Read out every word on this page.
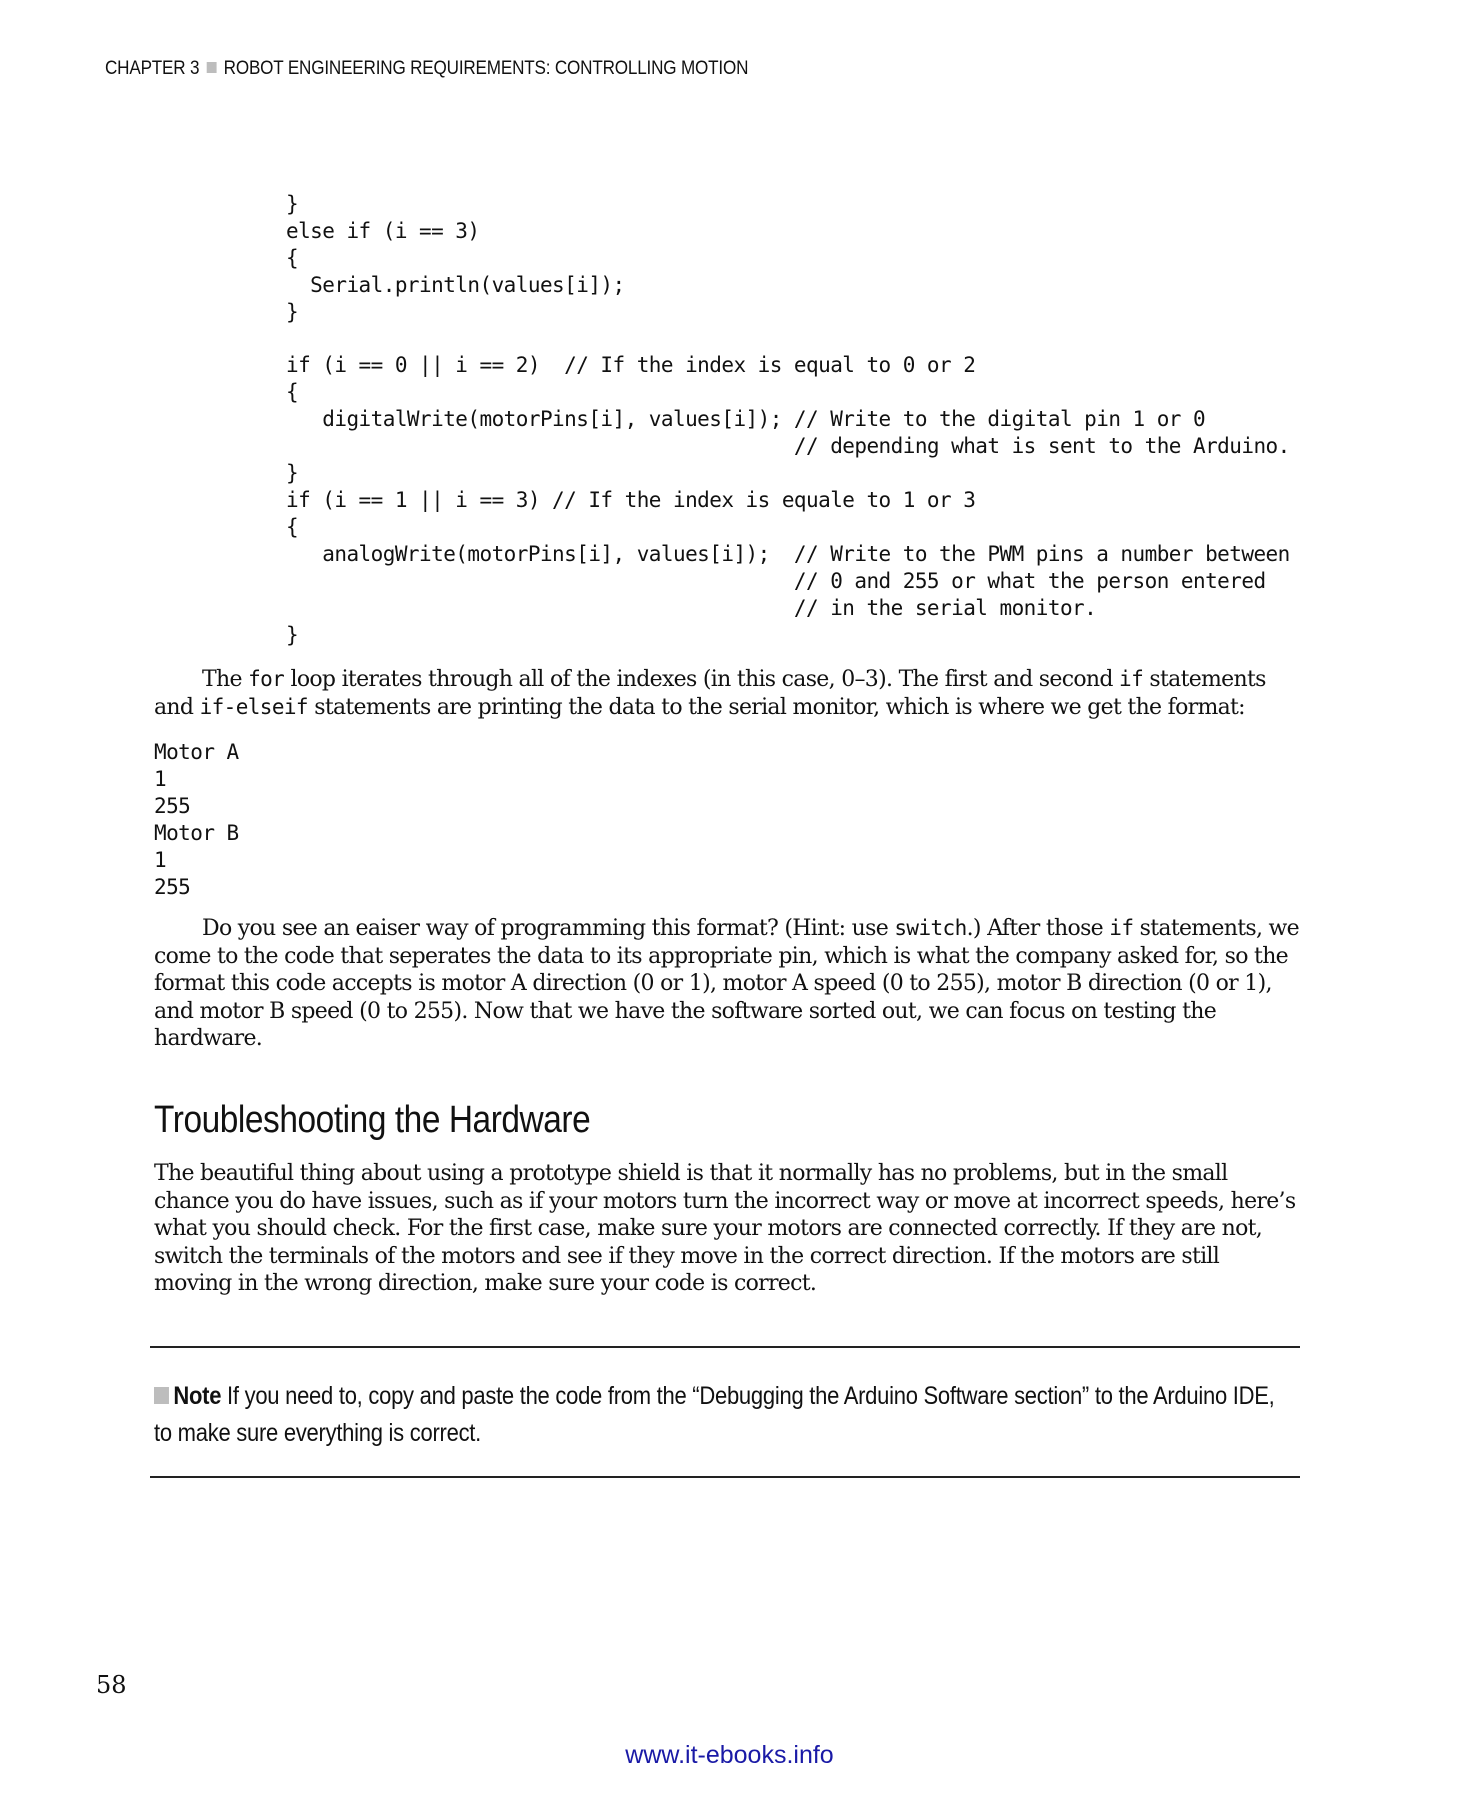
CHAPTER 3 ROBOT ENGINEERING REQUIREMENTS: CONTROLLING MOTION
}
else if (i == 3)
{
Serial.println(values[i]);
}

if (i == 0 || i == 2)  // If the index is equal to 0 or 2
{
digitalWrite(motorPins[i], values[i]); // Write to the digital pin 1 or 0
// depending what is sent to the Arduino.
}
if (i == 1 || i == 3) // If the index is equale to 1 or 3
{
analogWrite(motorPins[i], values[i]);  // Write to the PWM pins a number between
// 0 and 255 or what the person entered
// in the serial monitor.
}
The for loop iterates through all of the indexes (in this case, 0–3). The first and second if statements and if-elseif statements are printing the data to the serial monitor, which is where we get the format:
Motor A
1
255
Motor B
1
255
Do you see an eaiser way of programming this format? (Hint: use switch.) After those if statements, we come to the code that seperates the data to its appropriate pin, which is what the company asked for, so the format this code accepts is motor A direction (0 or 1), motor A speed (0 to 255), motor B direction (0 or 1), and motor B speed (0 to 255). Now that we have the software sorted out, we can focus on testing the hardware.
Troubleshooting the Hardware
The beautiful thing about using a prototype shield is that it normally has no problems, but in the small chance you do have issues, such as if your motors turn the incorrect way or move at incorrect speeds, here’s what you should check. For the first case, make sure your motors are connected correctly. If they are not, switch the terminals of the motors and see if they move in the correct direction. If the motors are still moving in the wrong direction, make sure your code is correct.
Note If you need to, copy and paste the code from the “Debugging the Arduino Software section” to the Arduino IDE, to make sure everything is correct.
58
www.it-ebooks.info
